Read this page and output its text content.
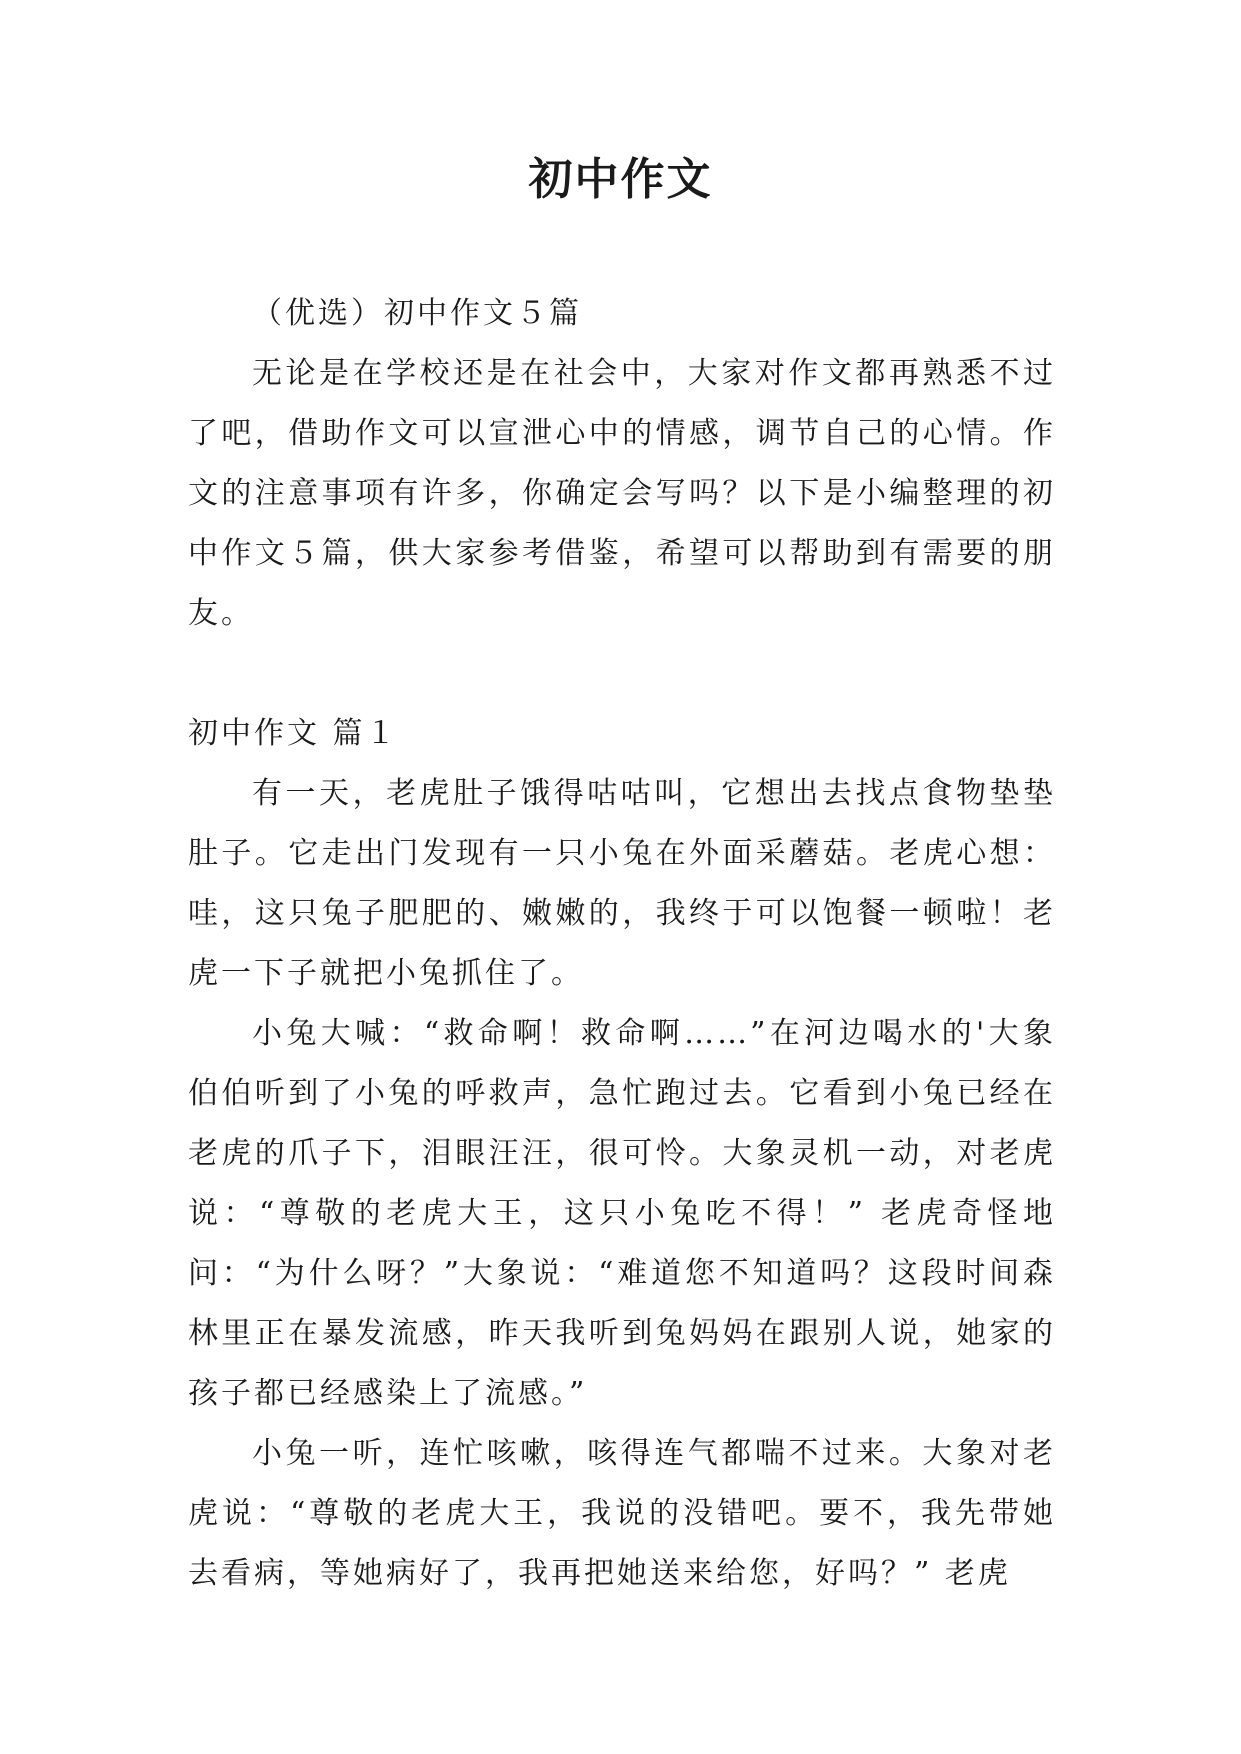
初中作文

（优选）初中作文５篇

无论是在学校还是在社会中，大家对作文都再熟悉不过了吧，借助作文可以宣泄心中的情感，调节自己的心情。作文的注意事项有许多，你确定会写吗？以下是小编整理的初中作文５篇，供大家参考借鉴，希望可以帮助到有需要的朋友。

初中作文 篇１

有一天，老虎肚子饿得咕咕叫，它想出去找点食物垫垫肚子。它走出门发现有一只小兔在外面采蘑菇。老虎心想：哇，这只兔子肥肥的、嫩嫩的，我终于可以饱餐一顿啦！老虎一下子就把小兔抓住了。

小兔大喊：“救命啊！救命啊……”在河边喝水的'大象伯伯听到了小兔的呼救声，急忙跑过去。它看到小兔已经在老虎的爪子下，泪眼汪汪，很可怜。大象灵机一动，对老虎说：“尊敬的老虎大王，这只小兔吃不得！” 老虎奇怪地问：“为什么呀？”大象说：“难道您不知道吗？这段时间森林里正在暴发流感，昨天我听到兔妈妈在跟别人说，她家的孩子都已经感染上了流感。”

小兔一听，连忙咳嗽，咳得连气都喘不过来。大象对老虎说：“尊敬的老虎大王，我说的没错吧。要不，我先带她去看病，等她病好了，我再把她送来给您，好吗？” 老虎
